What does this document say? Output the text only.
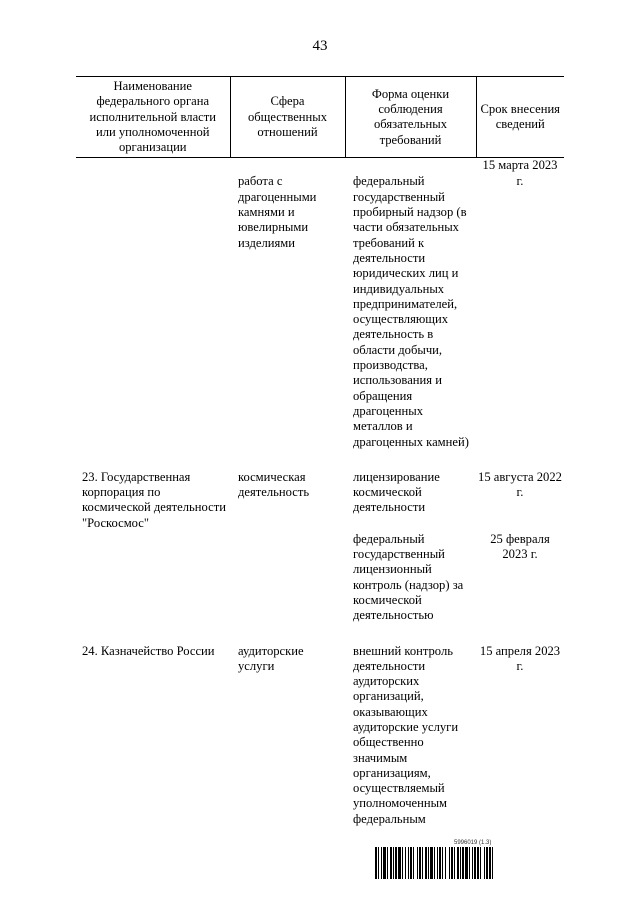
43
Наименование федерального органа исполнительной власти или уполномоченной организации	Сфера общественных отношений	Форма оценки соблюдения обязательных требований	Срок внесения сведений
	работа с драгоценными камнями и ювелирными изделиями	федеральный государственный пробирный надзор (в части обязательных требований к деятельности юридических лиц и индивидуальных предпринимателей, осуществляющих деятельность в области добычи, производства, использования и обращения драгоценных металлов и драгоценных камней)	15 марта 2023 г.

23. Государственная корпорация по космической деятельности "Роскосмос"	космическая деятельность	лицензирование космической деятельности	15 августа 2022 г.

		федеральный государственный лицензионный контроль (надзор) за космической деятельностью	25 февраля 2023 г.

24. Казначейство России	аудиторские услуги	внешний контроль деятельности аудиторских организаций, оказывающих аудиторские услуги общественно значимым организациям, осуществляемый уполномоченным федеральным	15 апреля 2023 г.
5996019 (1.3)
